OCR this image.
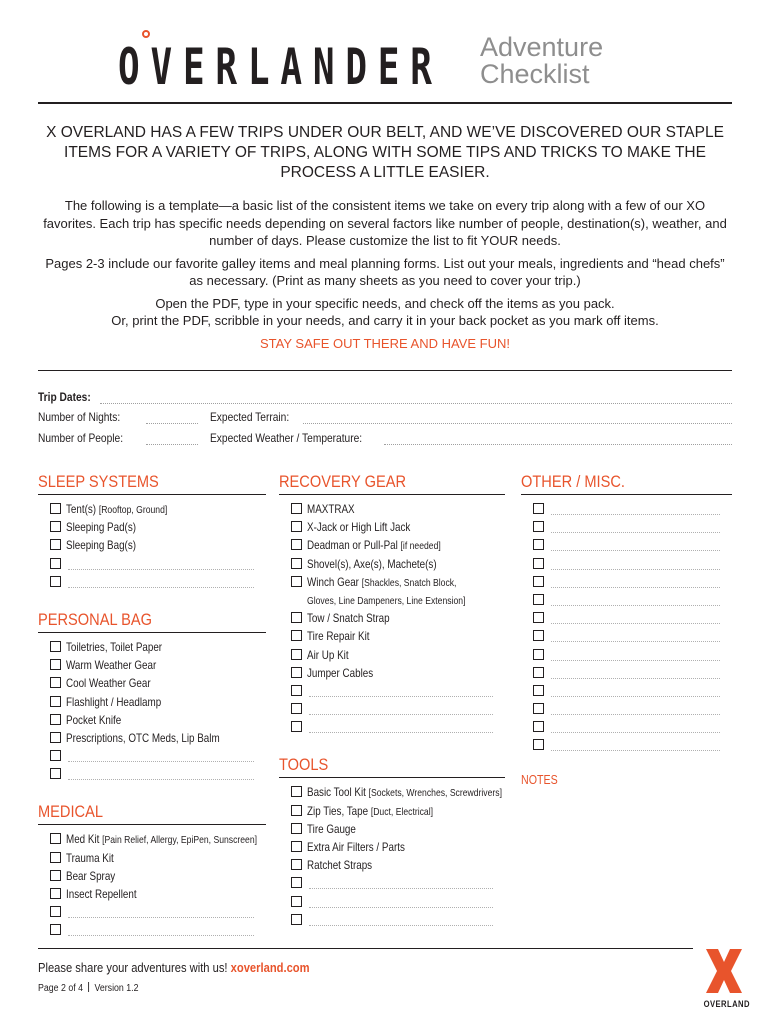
OVERLANDER Adventure
Checklist
X OVERLAND HAS A FEW TRIPS UNDER OUR BELT, AND WE’VE DISCOVERED OUR STAPLE ITEMS FOR A VARIETY OF TRIPS, ALONG WITH SOME TIPS AND TRICKS TO MAKE THE PROCESS A LITTLE EASIER.

The following is a template—a basic list of the consistent items we take on every trip along with a few of our XO favorites. Each trip has specific needs depending on several factors like number of people, destination(s), weather, and number of days. Please customize the list to fit YOUR needs.

Pages 2-3 include our favorite galley items and meal planning forms. List out your meals, ingredients and “head chefs” as necessary. (Print as many sheets as you need to cover your trip.)

Open the PDF, type in your specific needs, and check off the items as you pack.
Or, print the PDF, scribble in your needs, and carry it in your back pocket as you mark off items.

STAY SAFE OUT THERE AND HAVE FUN!

Trip Dates:
Number of Nights:	Expected Terrain:
Number of People:	Expected Weather / Temperature:
SLEEP SYSTEMS
Tent(s) [Rooftop, Ground]
Sleeping Pad(s)
Sleeping Bag(s)
PERSONAL BAG
Toiletries, Toilet Paper
Warm Weather Gear
Cool Weather Gear
Flashlight / Headlamp
Pocket Knife
Prescriptions, OTC Meds, Lip Balm
MEDICAL
Med Kit [Pain Relief, Allergy, EpiPen, Sunscreen]
Trauma Kit
Bear Spray
Insect Repellent
RECOVERY GEAR
MAXTRAX
X-Jack or High Lift Jack
Deadman or Pull-Pal [if needed]
Shovel(s), Axe(s), Machete(s)
Winch Gear [Shackles, Snatch Block,
Gloves, Line Dampeners, Line Extension]
Tow / Snatch Strap
Tire Repair Kit
Air Up Kit
Jumper Cables
TOOLS
Basic Tool Kit [Sockets, Wrenches, Screwdrivers]
Zip Ties, Tape [Duct, Electrical]
Tire Gauge
Extra Air Filters / Parts
Ratchet Straps
OTHER / MISC.
NOTES
Please share your adventures with us! xoverland.com
Page 2 of 4 Version 1.2
OVERLAND
